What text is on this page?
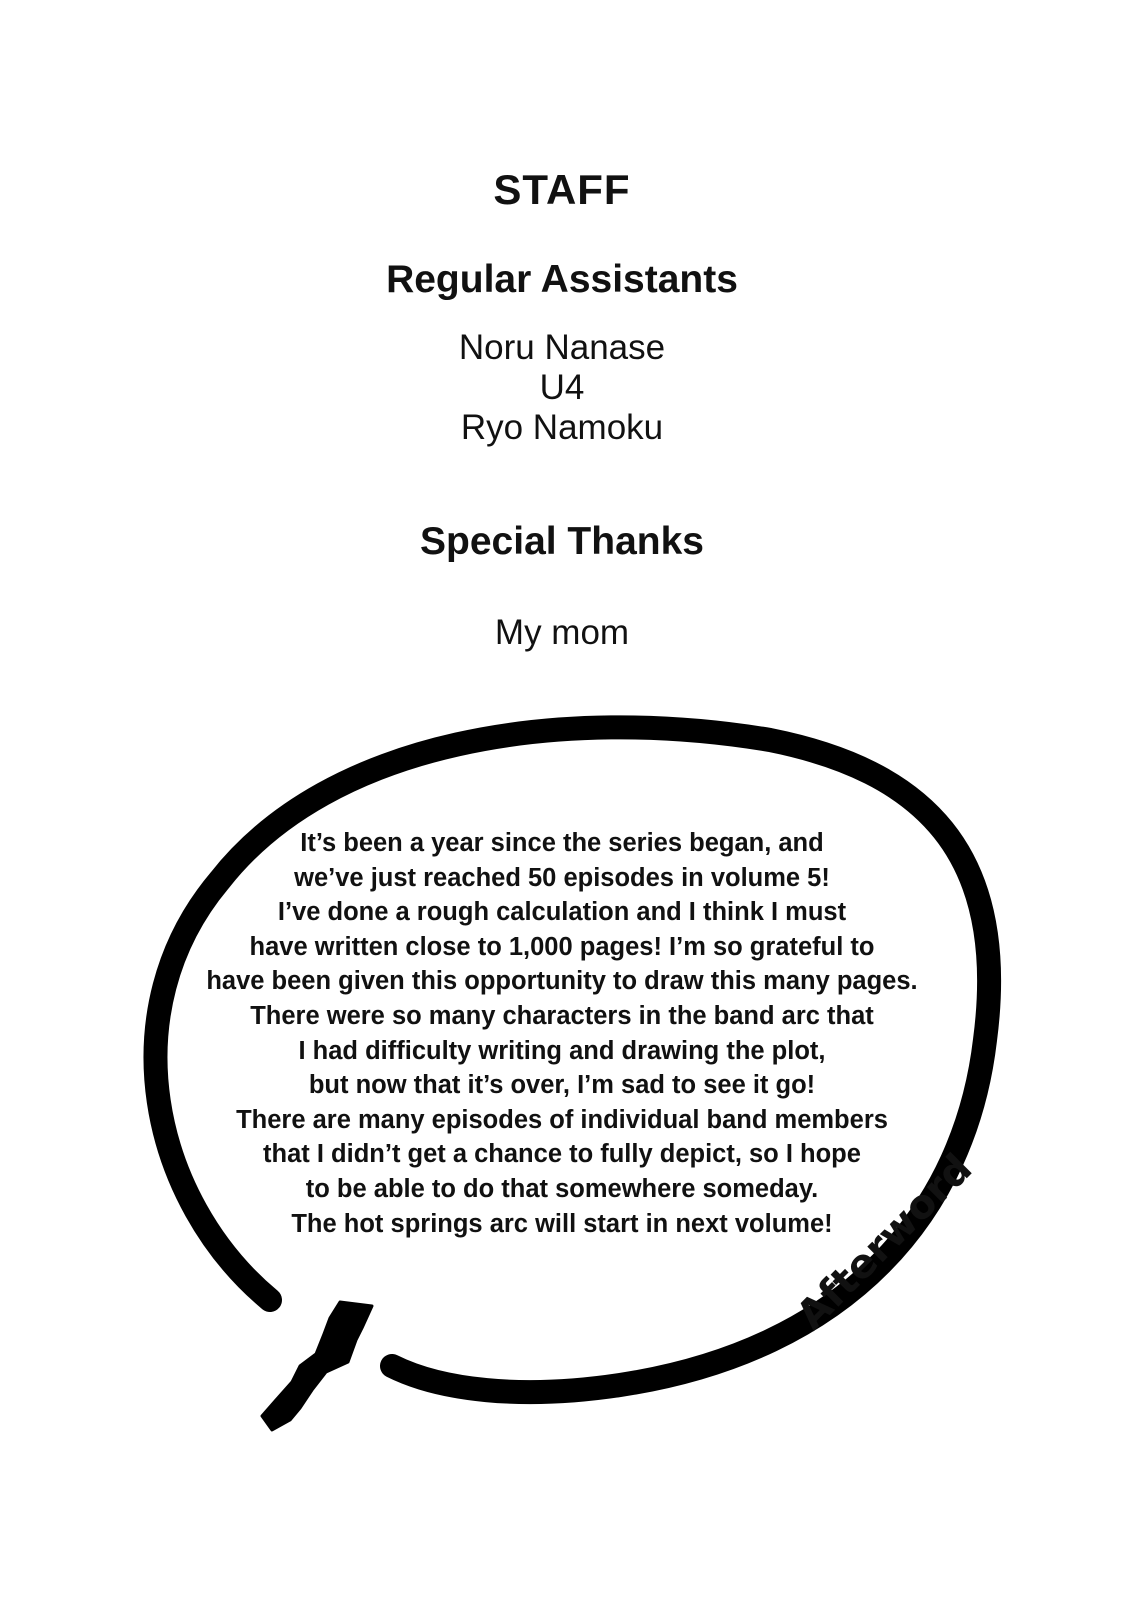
STAFF
Regular Assistants
Noru Nanase
U4
Ryo Namoku
Special Thanks
My mom
It’s been a year since the series began, and
we’ve just reached 50 episodes in volume 5!
I’ve done a rough calculation and I think I must
have written close to 1,000 pages! I’m so grateful to
have been given this opportunity to draw this many pages.
There were so many characters in the band arc that
I had difficulty writing and drawing the plot,
but now that it’s over, I’m sad to see it go!
There are many episodes of individual band members
that I didn’t get a chance to fully depict, so I hope
to be able to do that somewhere someday.
The hot springs arc will start in next volume!
Afterword
